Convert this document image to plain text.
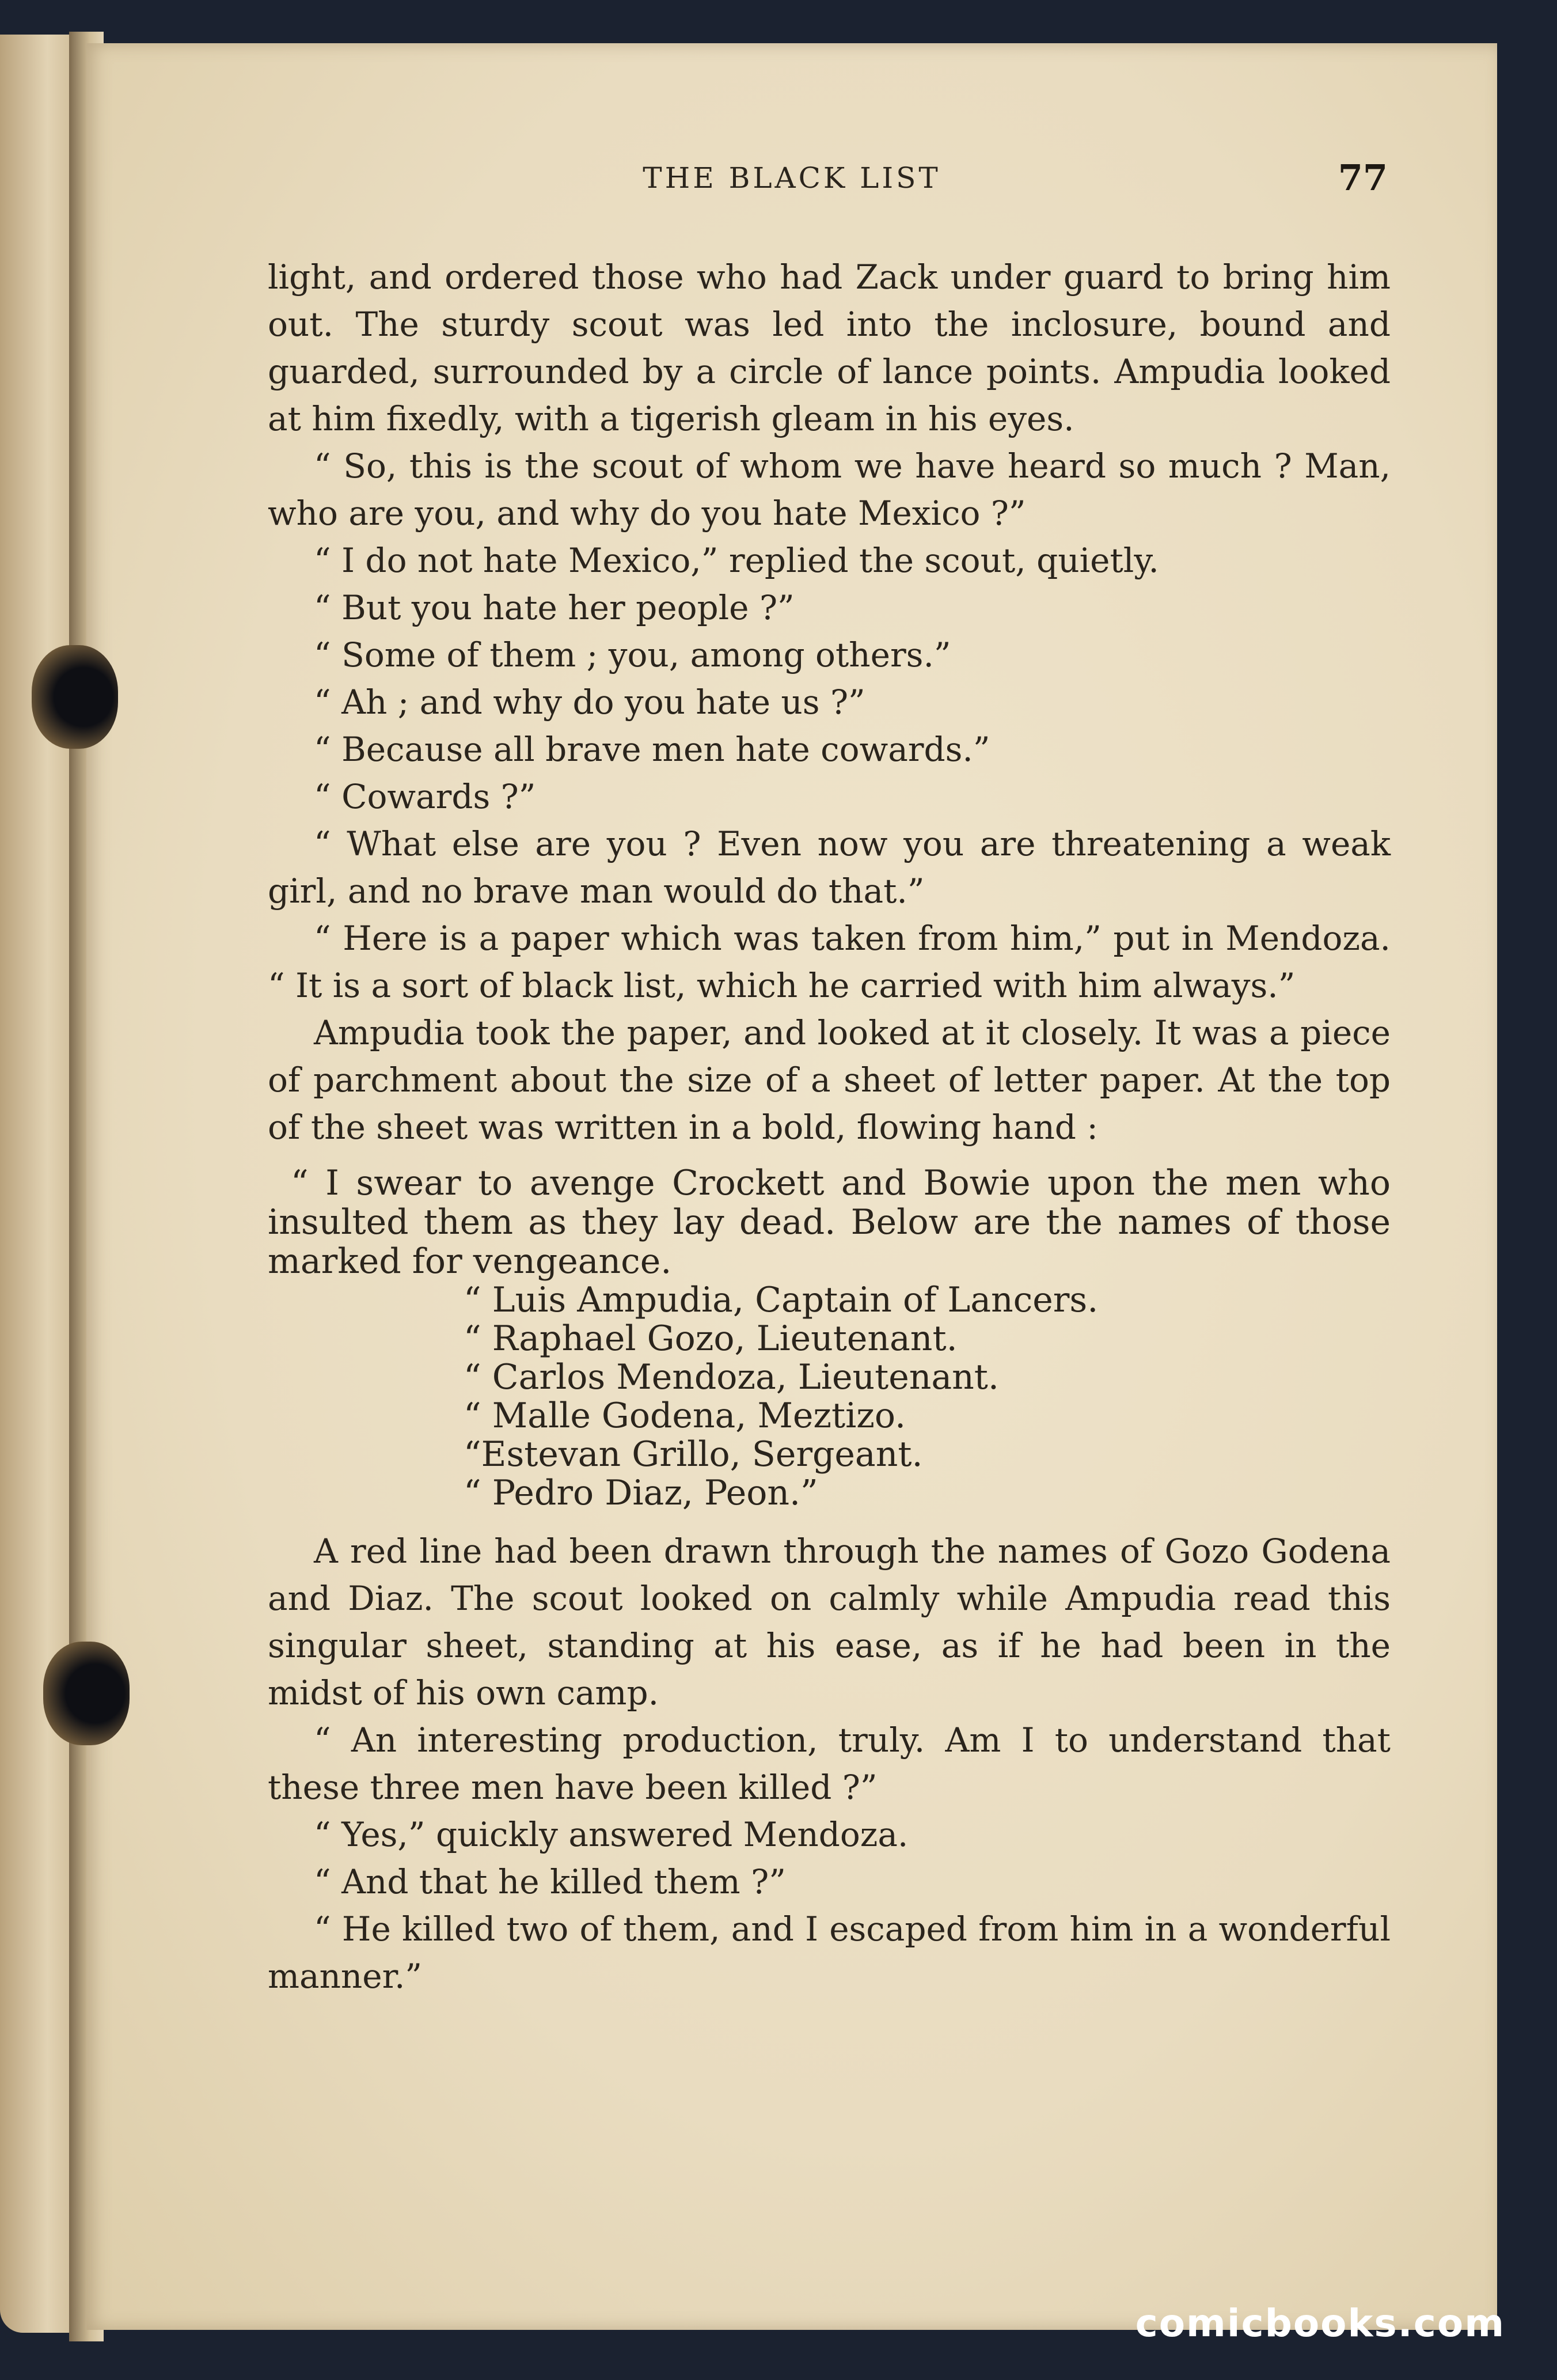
THE BLACK LIST	77

light, and ordered those who had Zack under guard to bring him out. The sturdy scout was led into the inclosure, bound and guarded, surrounded by a circle of lance points. Ampudia looked at him fixedly, with a tigerish gleam in his eyes.

“ So, this is the scout of whom we have heard so much ? Man, who are you, and why do you hate Mexico ?”

“ I do not hate Mexico,” replied the scout, quietly.

“ But you hate her people ?”

“ Some of them ; you, among others.”

“ Ah ; and why do you hate us ?”

“ Because all brave men hate cowards.”

“ Cowards ?”

“ What else are you ? Even now you are threatening a weak girl, and no brave man would do that.”

“ Here is a paper which was taken from him,” put in Mendoza. “ It is a sort of black list, which he carried with him always.”

Ampudia took the paper, and looked at it closely. It was a piece of parchment about the size of a sheet of letter paper. At the top of the sheet was written in a bold, flowing hand :

“ I swear to avenge Crockett and Bowie upon the men who insulted them as they lay dead. Below are the names of those marked for vengeance.
“ Luis Ampudia, Captain of Lancers.
“ Raphael Gozo, Lieutenant.
“ Carlos Mendoza, Lieutenant.
“ Malle Godena, Meztizo.
“Estevan Grillo, Sergeant.
“ Pedro Diaz, Peon.”

A red line had been drawn through the names of Gozo Godena and Diaz. The scout looked on calmly while Ampudia read this singular sheet, standing at his ease, as if he had been in the midst of his own camp.

“ An interesting production, truly. Am I to understand that these three men have been killed ?”

“ Yes,” quickly answered Mendoza.

“ And that he killed them ?”

“ He killed two of them, and I escaped from him in a wonderful manner.”

comicbooks.com
